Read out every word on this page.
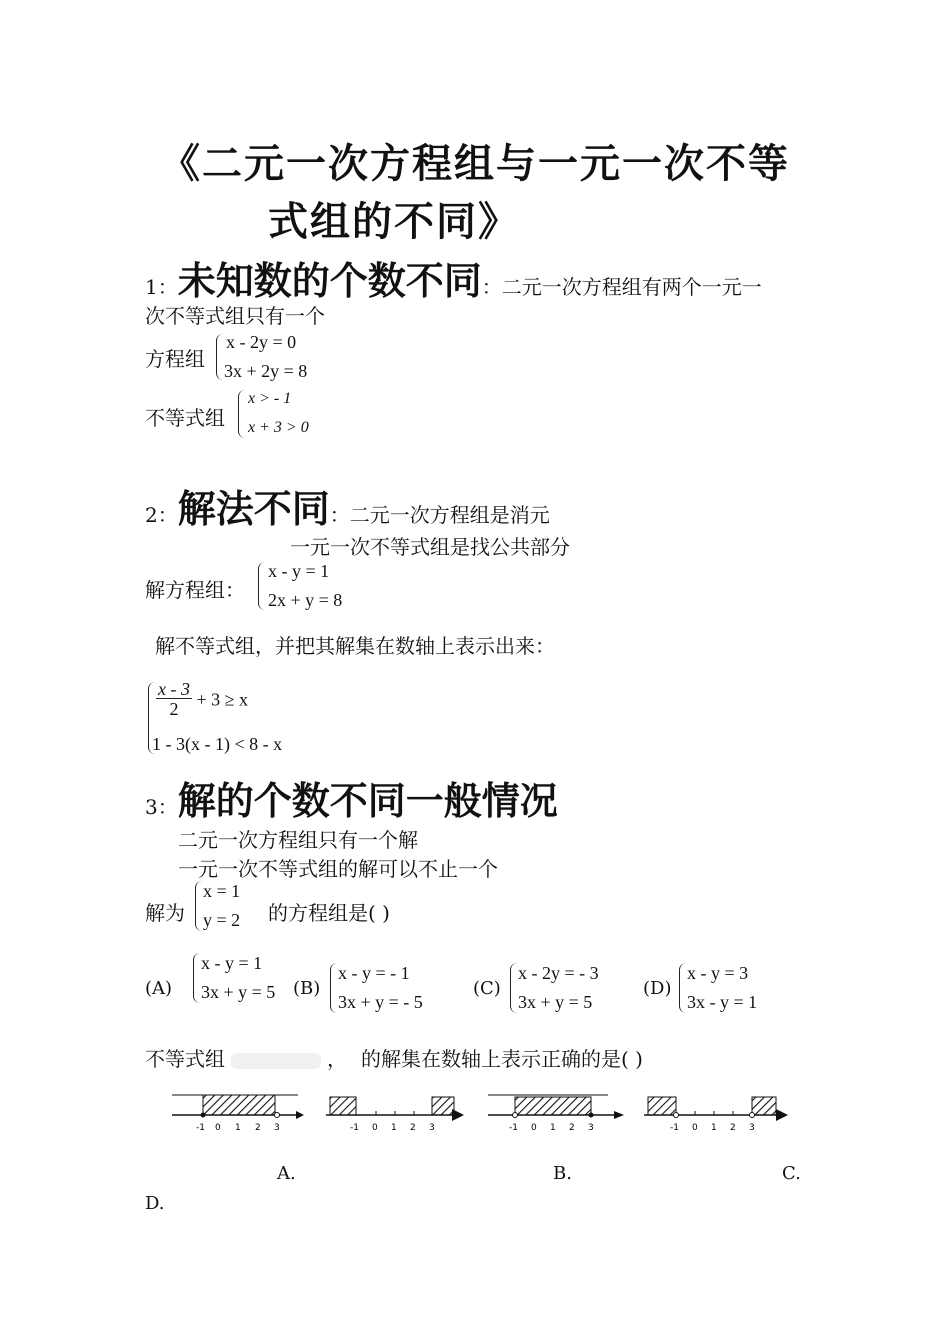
《二元一次方程组与一元一次不等
式组的不同》
1：未知数的个数不同：二元一次方程组有两个一元一
次不等式组只有一个
方程组
x - 2y = 0
3x + 2y = 8
不等式组
x > - 1
x + 3 > 0
2：解法不同：二元一次方程组是消元
一元一次不等式组是找公共部分
解方程组：
x - y = 1
2x + y = 8
解不等式组，并把其解集在数轴上表示出来：
$\frac{x - 3}{2} + 3 \ge x$
1 - 3(x - 1) < 8 - x
3：解的个数不同一般情况
二元一次方程组只有一个解
一元一次不等式组的解可以不止一个
解为
x = 1
y = 2 的方程组是( )
(A)
x - y = 1
3x + y = 5 (B)
x - y = - 1
3x + y = - 5
(C)
x - 2y = - 3
3x + y = 5
(D)
x - y = 3
3x - y = 1
不等式组	， 的解集在数轴上表示正确的是( )
-1 0 1 2 3	-1 0 1 2 3	-1 0 1 2 3	-1 0 1 2 3
A.	B.	C.
D.
